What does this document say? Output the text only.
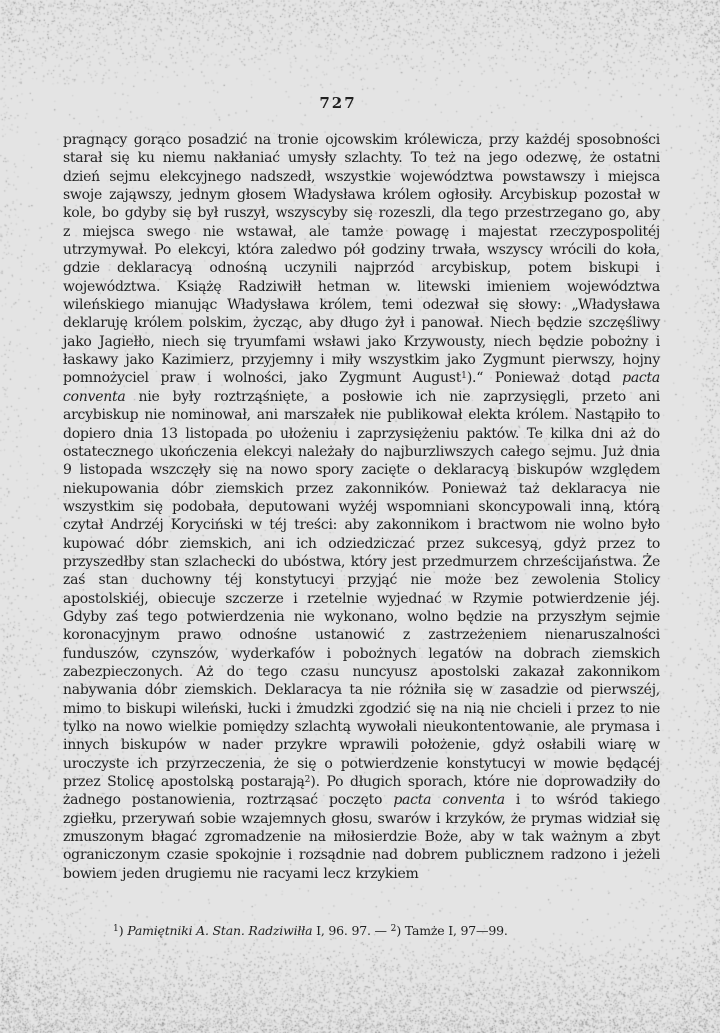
727

pragnący gorąco posadzić na tronie ojcowskim królewicza, przy każdéj sposobności starał się ku niemu nakłaniać umysły szlachty. To też na jego odezwę, że ostatni dzień sejmu elekcyjnego nadszedł, wszystkie województwa powstawszy i miejsca swoje zająwszy, jednym głosem Władysława królem ogłosiły. Arcybiskup pozostał w kole, bo gdyby się był ruszył, wszyscyby się rozeszli, dla tego przestrzegano go, aby z miejsca swego nie wstawał, ale tamże powagę i majestat rzeczypospolitéj utrzymywał. Po elekcyi, która zaledwo pół godziny trwała, wszyscy wrócili do koła, gdzie deklaracyą odnośną uczynili najprzód arcybiskup, potem biskupi i województwa. Książę Radziwiłł hetman w. litewski imieniem województwa wileńskiego mianując Władysława królem, temi odezwał się słowy: „Władysława deklaruję królem polskim, życząc, aby długo żył i panował. Niech będzie szczęśliwy jako Jagiełło, niech się tryumfami wsławi jako Krzywousty, niech będzie pobożny i łaskawy jako Kazimierz, przyjemny i miły wszystkim jako Zygmunt pierwszy, hojny pomnożyciel praw i wolności, jako Zygmunt August$^1$).“ Ponieważ dotąd pacta conventa nie były roztrząśnięte, a posłowie ich nie zaprzysięgli, przeto ani arcybiskup nie nominował, ani marszałek nie publikował elekta królem. Nastąpiło to dopiero dnia 13 listopada po ułożeniu i zaprzysiężeniu paktów. Te kilka dni aż do ostatecznego ukończenia elekcyi należały do najburzliwszych całego sejmu. Już dnia 9 listopada wszczęły się na nowo spory zacięte o deklaracyą biskupów względem niekupowania dóbr ziemskich przez zakonników. Ponieważ taż deklaracya nie wszystkim się podobała, deputowani wyżéj wspomniani skoncypowali inną, którą czytał Andrzéj Koryciński w téj treści: aby zakonnikom i bractwom nie wolno było kupować dóbr ziemskich, ani ich odziedziczać przez sukcesyą, gdyż przez to przyszedłby stan szlachecki do ubóstwa, który jest przedmurzem chrześcijaństwa. Że zaś stan duchowny téj konstytucyi przyjąć nie może bez zewolenia Stolicy apostolskiéj, obiecuje szczerze i rzetelnie wyjednać w Rzymie potwierdzenie jéj. Gdyby zaś tego potwierdzenia nie wykonano, wolno będzie na przyszłym sejmie koronacyjnym prawo odnośne ustanowić z zastrzeżeniem nienaruszalności funduszów, czynszów, wyderkafów i pobożnych legatów na dobrach ziemskich zabezpieczonych. Aż do tego czasu nuncyusz apostolski zakazał zakonnikom nabywania dóbr ziemskich. Deklaracya ta nie różniła się w zasadzie od pierwszéj, mimo to biskupi wileński, łucki i żmudzki zgodzić się na nią nie chcieli i przez to nie tylko na nowo wielkie pomiędzy szlachtą wywołali nieukontentowanie, ale prymasa i innych biskupów w nader przykre wprawili położenie, gdyż osłabili wiarę w uroczyste ich przyrzeczenia, że się o potwierdzenie konstytucyi w mowie będącéj przez Stolicę apostolską postarają$^2$). Po długich sporach, które nie doprowadziły do żadnego postanowienia, roztrząsać poczęto pacta conventa i to wśród takiego zgiełku, przerywań sobie wzajemnych głosu, swarów i krzyków, że prymas widział się zmuszonym błagać zgromadzenie na miłosierdzie Boże, aby w tak ważnym a zbyt ograniczonym czasie spokojnie i rozsądnie nad dobrem publicznem radzono i jeżeli bowiem jeden drugiemu nie racyami lecz krzykiem

$^1$) Pamiętniki A. Stan. Radziwiłła I, 96. 97. — $^2$) Tamże I, 97—99.
